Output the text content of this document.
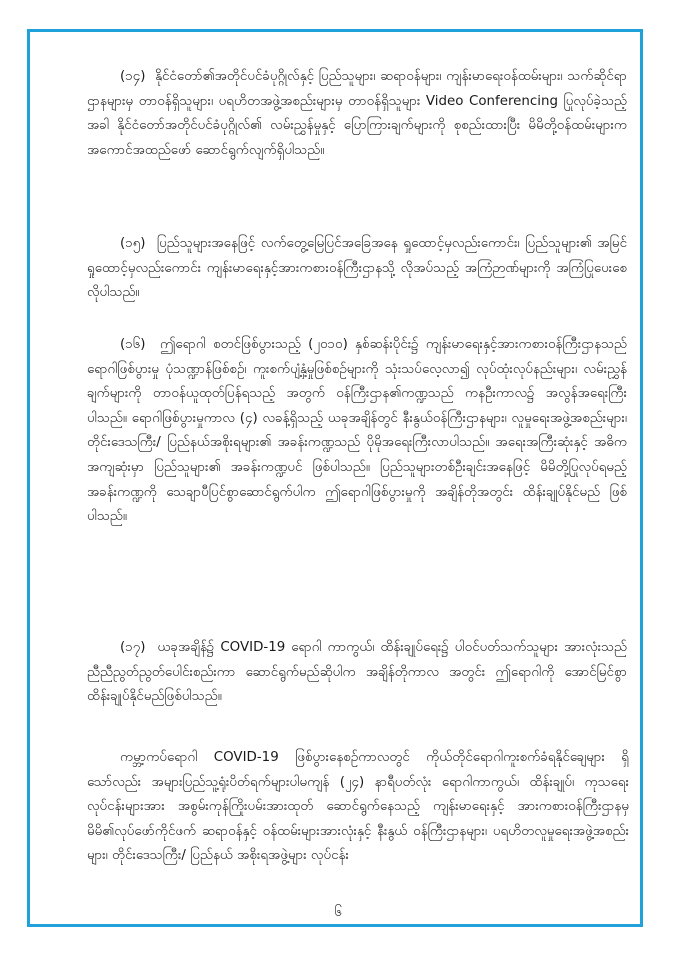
(၁၄) နိုင်ငံတော်၏အတိုင်ပင်ခံပုဂ္ဂိုလ်နှင့် ပြည်သူများ၊ ဆရာဝန်များ၊ ကျန်းမာရေးဝန်ထမ်းများ၊ သက်ဆိုင်ရာဌာနများမှ တာဝန်ရှိသူများ၊ ပရဟိတအဖွဲ့အစည်းများမှ တာဝန်ရှိသူများ Video Conferencing ပြုလုပ်ခဲ့သည့်အခါ နိုင်ငံတော်အတိုင်ပင်ခံပုဂ္ဂိုလ်၏ လမ်းညွှန်မှုနှင့် ပြောကြားချက်များကို စုစည်းထားပြီး မိမိတို့ဝန်ထမ်းများက အကောင်အထည်ဖော် ဆောင်ရွက်လျက်ရှိပါသည်။

(၁၅) ပြည်သူများအနေဖြင့် လက်တွေ့မြေပြင်အခြေအနေ ရှုထောင့်မှလည်းကောင်း၊ ပြည်သူများ၏ အမြင်ရှုထောင့်မှလည်းကောင်း ကျန်းမာရေးနှင့်အားကစားဝန်ကြီးဌာနသို့ လိုအပ်သည့် အကြံဉာဏ်များကို အကြံပြုပေးစေလိုပါသည်။

(၁၆) ဤရောဂါ စတင်ဖြစ်ပွားသည့် (၂၀၁၀) နှစ်ဆန်းပိုင်း၌ ကျန်းမာရေးနှင့်အားကစားဝန်ကြီးဌာနသည် ရောဂါဖြစ်ပွားမှု ပုံသဏ္ဍာန်ဖြစ်စဉ်၊ ကူးစက်ပျံ့နှံ့မှုဖြစ်စဉ်များကို သုံးသပ်လေ့လာ၍ လုပ်ထုံးလုပ်နည်းများ၊ လမ်းညွှန်ချက်များကို တာဝန်ယူထုတ်ပြန်ရသည့် အတွက် ဝန်ကြီးဌာန၏ကဏ္ဍသည် ကနဦးကာလ၌ အလွန်အရေးကြီးပါသည်။ ရောဂါဖြစ်ပွားမှုကာလ (၄) လခန့်ရှိသည့် ယခုအချိန်တွင် နီးနွယ်ဝန်ကြီးဌာနများ၊ လူမှုရေးအဖွဲ့အစည်းများ၊ တိုင်းဒေသကြီး/ ပြည်နယ်အစိုးရများ၏ အခန်းကဏ္ဍသည် ပိုမိုအရေးကြီးလာပါသည်။ အရေးအကြီးဆုံးနှင့် အဓိကအကျဆုံးမှာ ပြည်သူများ၏ အခန်းကဏ္ဍပင် ဖြစ်ပါသည်။ ပြည်သူများတစ်ဦးချင်းအနေဖြင့် မိမိတို့ပြုလုပ်ရမည့် အခန်းကဏ္ဍကို သေချာပီပြင်စွာဆောင်ရွက်ပါက ဤရောဂါဖြစ်ပွားမှုကို အချိန်တိုအတွင်း ထိန်းချုပ်နိုင်မည် ဖြစ်ပါသည်။

(၁၇) ယခုအချိန်၌ COVID-19 ရောဂါ ကာကွယ်၊ ထိန်းချုပ်ရေး၌ ပါဝင်ပတ်သက်သူများ အားလုံးသည် ညီညီညွတ်ညွတ်ပေါင်းစည်းကာ ဆောင်ရွက်မည်ဆိုပါက အချိန်တိုကာလ အတွင်း ဤရောဂါကို အောင်မြင်စွာ ထိန်းချုပ်နိုင်မည်ဖြစ်ပါသည်။

ကမ္ဘာ့ကပ်ရောဂါ COVID-19 ဖြစ်ပွားနေစဉ်ကာလတွင် ကိုယ်တိုင်ရောဂါကူးစက်ခံရနိုင်ချေများ ရှိသော်လည်း အများပြည်သူ့ရုံးပိတ်ရက်များပါမကျန် (၂၄) နာရီပတ်လုံး ရောဂါကာကွယ်၊ ထိန်းချုပ်၊ ကုသရေးလုပ်ငန်းများအား အစွမ်းကုန်ကြိုးပမ်းအားထုတ် ဆောင်ရွက်နေသည့် ကျန်းမာရေးနှင့် အားကစားဝန်ကြီးဌာနမှ မိမိ၏လုပ်ဖော်ကိုင်ဖက် ဆရာဝန်နှင့် ဝန်ထမ်းများအားလုံးနှင့် နီးနွယ် ဝန်ကြီးဌာနများ၊ ပရဟိတလူမှုရေးအဖွဲ့အစည်းများ၊ တိုင်းဒေသကြီး/ ပြည်နယ် အစိုးရအဖွဲ့များ လုပ်ငန်း

၆
